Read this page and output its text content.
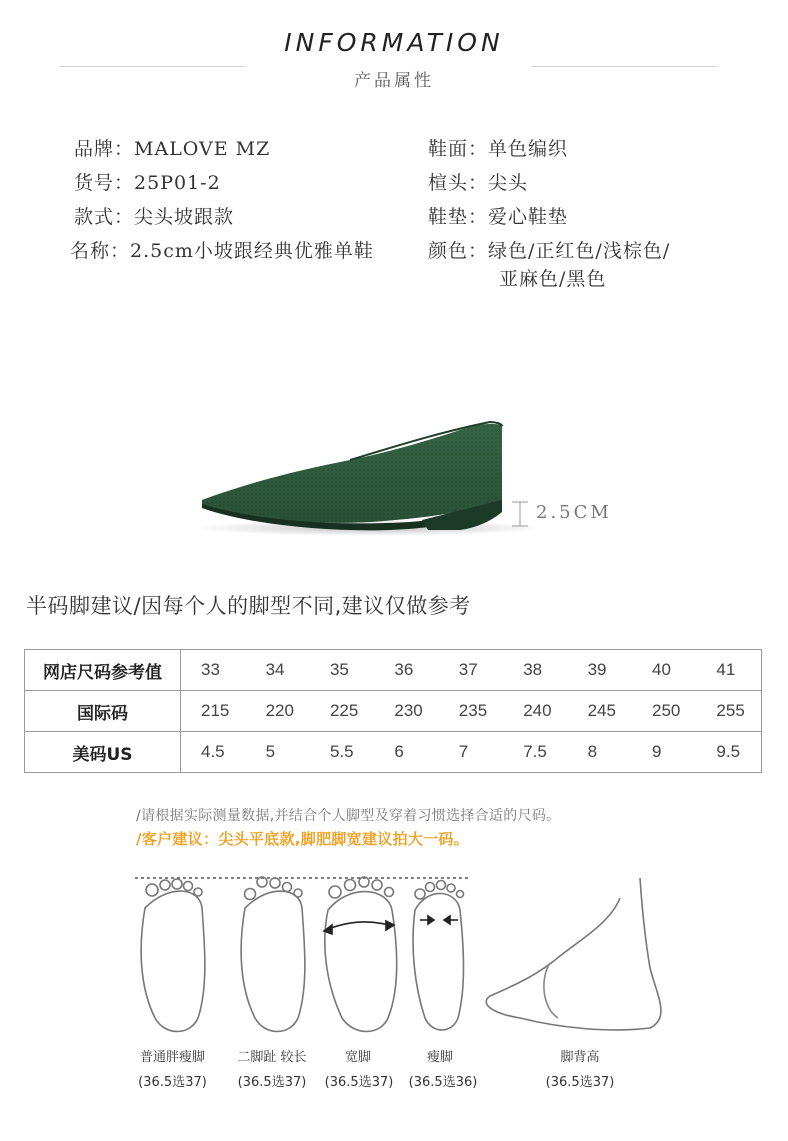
INFORMATION
产品属性
品牌：MALOVE MZ
货号：25P01-2
款式：尖头坡跟款
名称：2.5cm小坡跟经典优雅单鞋
鞋面：单色编织
楦头：尖头
鞋垫：爱心鞋垫
颜色：绿色/正红色/浅棕色/
亚麻色/黑色
2.5CM
半码脚建议/因每个人的脚型不同,建议仅做参考
网店尺码参考值	33	34	35	36	37	38	39	40	41
国际码	215	220	225	230	235	240	245	250	255
美码US	4.5	5	5.5	6	7	7.5	8	9	9.5
/请根据实际测量数据,并结合个人脚型及穿着习惯选择合适的尺码。
/客户建议：尖头平底款,脚肥脚宽建议拍大一码。
普通胖瘦脚
(36.5选37)
二脚趾 较长
(36.5选37)
宽脚
(36.5选37)
瘦脚
(36.5选36)
脚背高
(36.5选37)
